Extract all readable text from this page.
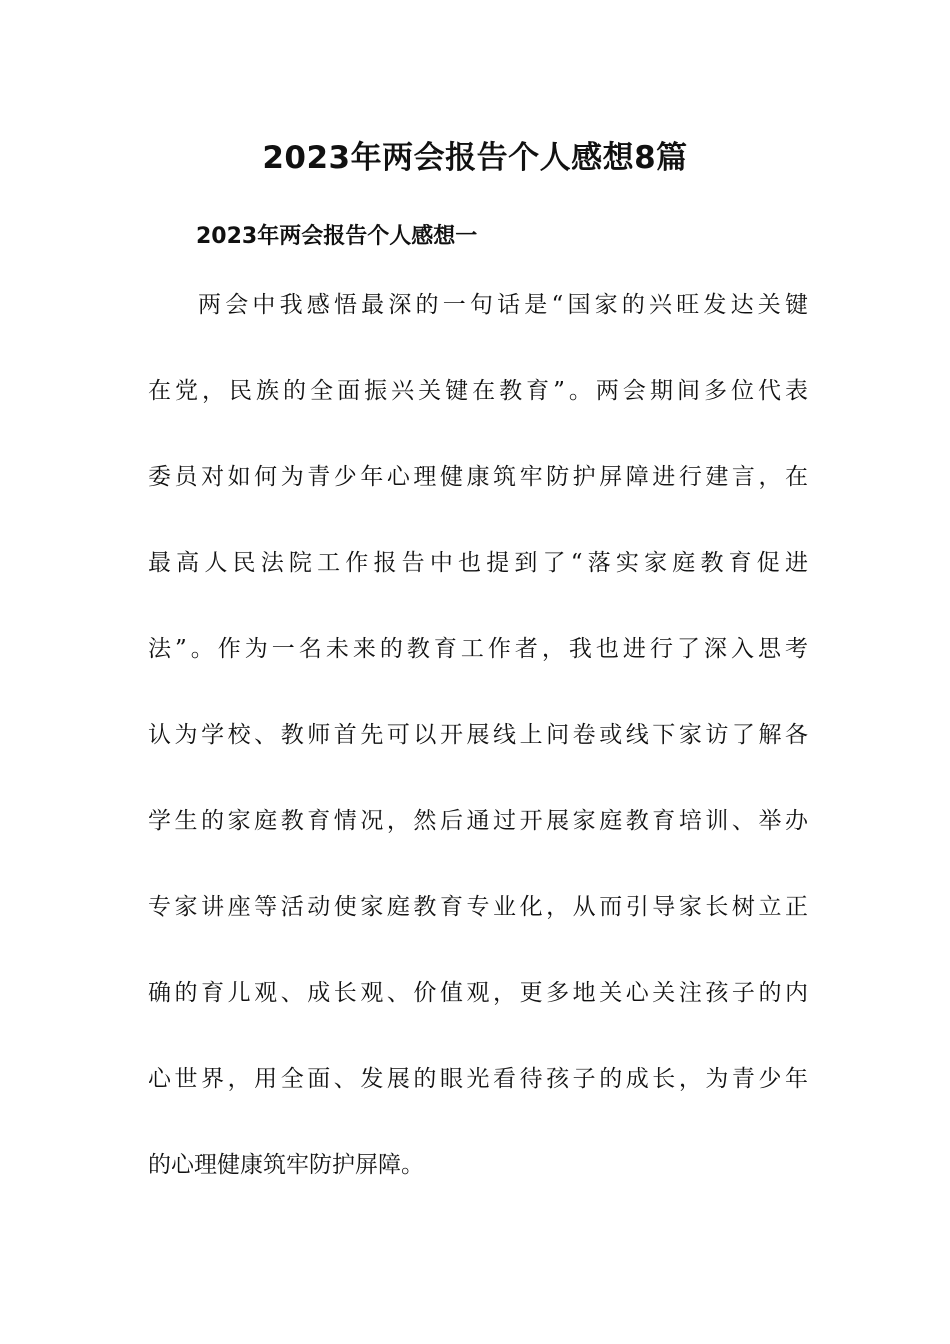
2023年两会报告个人感想8篇
2023年两会报告个人感想一

两会中我感悟最深的一句话是“国家的兴旺发达关键

在党，民族的全面振兴关键在教育”。两会期间多位代表

委员对如何为青少年心理健康筑牢防护屏障进行建言，在

最高人民法院工作报告中也提到了“落实家庭教育促进

法”。作为一名未来的教育工作者，我也进行了深入思考

认为学校、教师首先可以开展线上问卷或线下家访了解各

学生的家庭教育情况，然后通过开展家庭教育培训、举办

专家讲座等活动使家庭教育专业化，从而引导家长树立正

确的育儿观、成长观、价值观，更多地关心关注孩子的内

心世界，用全面、发展的眼光看待孩子的成长，为青少年

的心理健康筑牢防护屏障。
